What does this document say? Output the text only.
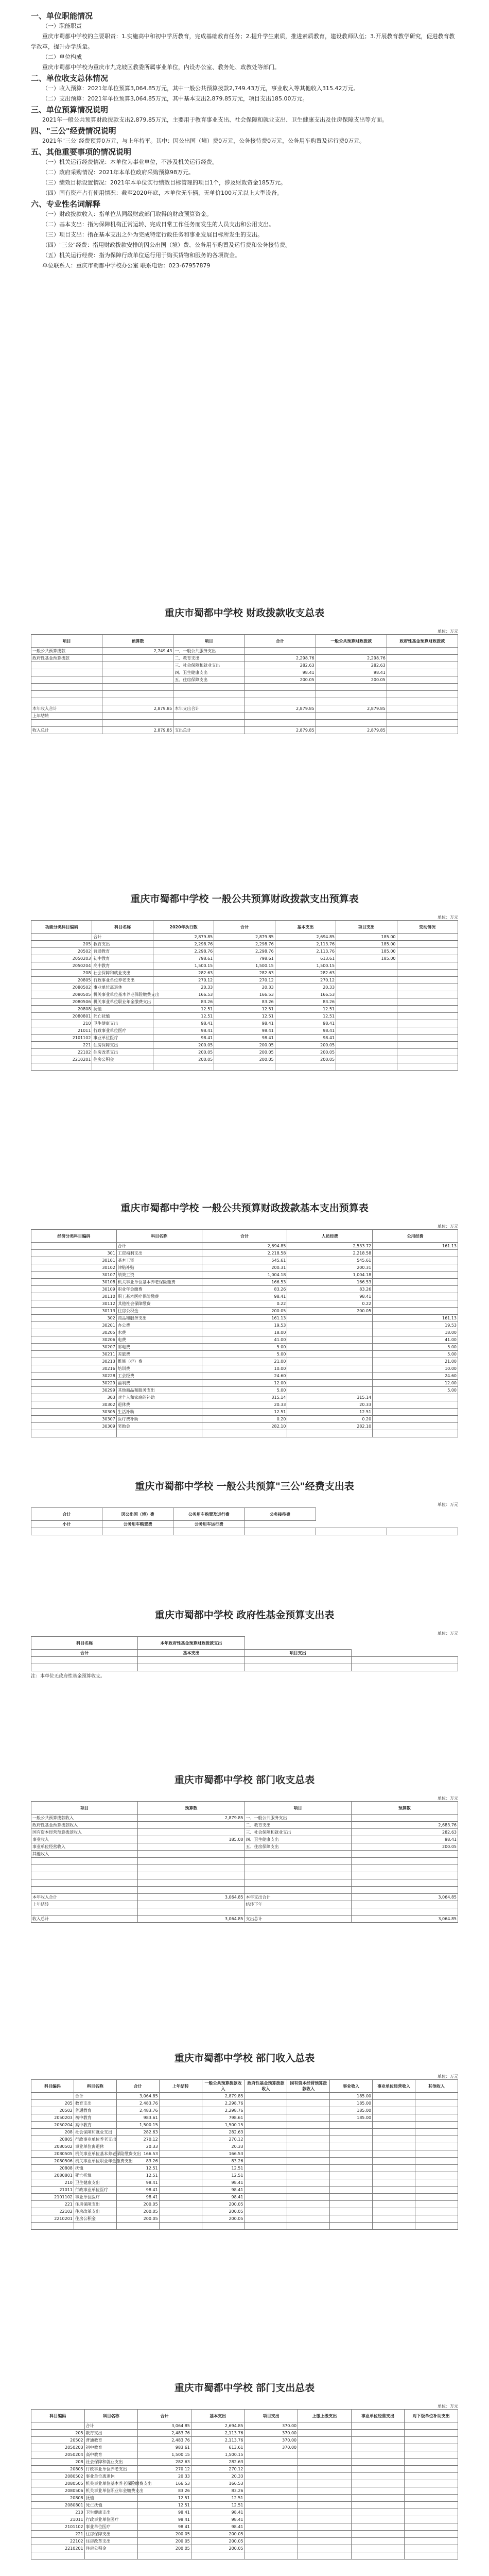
一、单位职能情况

（一）职能职责

重庆市蜀都中学校的主要职责：1.实施高中和初中学历教育，完成基础教育任务；2.提升学生素质，推进素质教育，建设教师队伍；3.开展教育教学研究，促进教育教学改革，提升办学质量。

（二）单位构成

重庆市蜀都中学校为重庆市九龙坡区教委所属事业单位，内设办公室、教务处、政教处等部门。

二、单位收支总体情况

（一）收入预算：2021年单位预算3,064.85万元，其中一般公共预算拨款2,749.43万元，事业收入等其他收入315.42万元。

（二）支出预算：2021年单位预算3,064.85万元，其中基本支出2,879.85万元，项目支出185.00万元。

三、单位预算情况说明

2021年一般公共预算财政拨款支出2,879.85万元，主要用于教育事业支出、社会保障和就业支出、卫生健康支出及住房保障支出等方面。

四、"三公"经费情况说明

2021年"三公"经费预算0万元，与上年持平。其中：因公出国（境）费0万元，公务接待费0万元，公务用车购置及运行费0万元。

五、其他重要事项的情况说明

（一）机关运行经费情况：本单位为事业单位，不涉及机关运行经费。

（二）政府采购情况：2021年本单位政府采购预算98万元。

（三）绩效目标设置情况：2021年本单位实行绩效目标管理的项目1个，涉及财政资金185万元。

（四）国有资产占有使用情况：截至2020年底，本单位无车辆，无单价100万元以上大型设备。

六、专业性名词解释

（一）财政拨款收入：指单位从同级财政部门取得的财政预算资金。

（二）基本支出：指为保障机构正常运转、完成日常工作任务而发生的人员支出和公用支出。

（三）项目支出：指在基本支出之外为完成特定行政任务和事业发展目标所发生的支出。

（四）"三公"经费：指用财政拨款安排的因公出国（境）费、公务用车购置及运行费和公务接待费。

（五）机关运行经费：指为保障行政单位运行用于购买货物和服务的各项资金。

单位联系人：重庆市蜀都中学校办公室 联系电话：023-67957879

重庆市蜀都中学校 财政拨款收支总表

单位：万元
项目	预算数	项目	合计	一般公共预算财政拨款	政府性基金预算财政拨款
一般公共预算拨款	2,749.43	一、一般公共服务支出			
政府性基金预算拨款		二、教育支出	2,298.76	2,298.76	
		三、社会保障和就业支出	282.63	282.63	
		四、卫生健康支出	98.41	98.41	
		五、住房保障支出	200.05	200.05	

本年收入合计	2,879.85	本年支出合计	2,879.85	2,879.85	
上年结转					

收入总计	2,879.85	支出总计	2,879.85	2,879.85	

重庆市蜀都中学校 一般公共预算财政拨款支出预算表

单位：万元
功能分类科目编码	科目名称	2020年执行数	合计	基本支出	项目支出	变动情况
	合计	2,879.85	2,879.85	2,694.85	185.00	
205	教育支出	2,298.76	2,298.76	2,113.76	185.00	
20502	普通教育	2,298.76	2,298.76	2,113.76	185.00	
2050203	初中教育	798.61	798.61	613.61	185.00	
2050204	高中教育	1,500.15	1,500.15	1,500.15		
208	社会保障和就业支出	282.63	282.63	282.63		
20805	行政事业单位养老支出	270.12	270.12	270.12		
2080502	事业单位离退休	20.33	20.33	20.33		
2080505	机关事业单位基本养老保险缴费支出	166.53	166.53	166.53		
2080506	机关事业单位职业年金缴费支出	83.26	83.26	83.26		
20808	抚恤	12.51	12.51	12.51		
2080801	死亡抚恤	12.51	12.51	12.51		
210	卫生健康支出	98.41	98.41	98.41		
21011	行政事业单位医疗	98.41	98.41	98.41		
2101102	事业单位医疗	98.41	98.41	98.41		
221	住房保障支出	200.05	200.05	200.05		
22102	住房改革支出	200.05	200.05	200.05		
2210201	住房公积金	200.05	200.05	200.05		

重庆市蜀都中学校 一般公共预算财政拨款基本支出预算表

单位：万元
经济分类科目编码	科目名称	合计	人员经费	公用经费
	合计	2,694.85	2,533.72	161.13
301	工资福利支出	2,218.58	2,218.58	
30101	基本工资	545.61	545.61	
30102	津贴补贴	200.31	200.31	
30107	绩效工资	1,004.18	1,004.18	
30108	机关事业单位基本养老保险缴费	166.53	166.53	
30109	职业年金缴费	83.26	83.26	
30110	职工基本医疗保险缴费	98.41	98.41	
30112	其他社会保障缴费	0.22	0.22	
30113	住房公积金	200.05	200.05	
302	商品和服务支出	161.13		161.13
30201	办公费	19.53		19.53
30205	水费	18.00		18.00
30206	电费	41.00		41.00
30207	邮电费	5.00		5.00
30211	差旅费	5.00		5.00
30213	维修（护）费	21.00		21.00
30216	培训费	10.00		10.00
30228	工会经费	24.60		24.60
30229	福利费	12.00		12.00
30299	其他商品和服务支出	5.00		5.00
303	对个人和家庭的补助	315.14	315.14	
30302	退休费	20.33	20.33	
30305	生活补助	12.51	12.51	
30307	医疗费补助	0.20	0.20	
30309	奖励金	282.10	282.10	

重庆市蜀都中学校 一般公共预算"三公"经费支出表

单位：万元
合计	因公出国（境）费	公务用车购置及运行费	公务接待费		
小计	公务用车购置费	公务用车运行费			

重庆市蜀都中学校 政府性基金预算支出表

单位：万元
科目名称	本年政府性基金预算财政拨款支出		
合计	基本支出	项目支出	

注：本单位无政府性基金预算收支。

重庆市蜀都中学校 部门收支总表

单位：万元
项目	预算数	项目	预算数
一般公共预算拨款收入	2,879.85	一、一般公共服务支出	
政府性基金预算拨款收入		二、教育支出	2,683.76
国有资本经营预算拨款收入		三、社会保障和就业支出	282.63
事业收入	185.00	四、卫生健康支出	98.41
事业单位经营收入		五、住房保障支出	200.05
其他收入			

本年收入合计	3,064.85	本年支出合计	3,064.85
上年结转		结转下年	

收入总计	3,064.85	支出总计	3,064.85

重庆市蜀都中学校 部门收入总表

单位：万元
科目编码	科目名称	合计	上年结转	一般公共预算拨款收入	政府性基金预算拨款收入	国有资本经营预算拨款收入	事业收入	事业单位经营收入	其他收入
	合计	3,064.85		2,879.85			185.00		
205	教育支出	2,483.76		2,298.76			185.00		
20502	普通教育	2,483.76		2,298.76			185.00		
2050203	初中教育	983.61		798.61			185.00		
2050204	高中教育	1,500.15		1,500.15					
208	社会保障和就业支出	282.63		282.63					
20805	行政事业单位养老支出	270.12		270.12					
2080502	事业单位离退休	20.33		20.33					
2080505	机关事业单位基本养老保险缴费支出	166.53		166.53					
2080506	机关事业单位职业年金缴费支出	83.26		83.26					
20808	抚恤	12.51		12.51					
2080801	死亡抚恤	12.51		12.51					
210	卫生健康支出	98.41		98.41					
21011	行政事业单位医疗	98.41		98.41					
2101102	事业单位医疗	98.41		98.41					
221	住房保障支出	200.05		200.05					
22102	住房改革支出	200.05		200.05					
2210201	住房公积金	200.05		200.05					

重庆市蜀都中学校 部门支出总表

单位：万元
科目编码	科目名称	合计	基本支出	项目支出	上缴上级支出	事业单位经营支出	对下级单位补助支出
	合计	3,064.85	2,694.85	370.00			
205	教育支出	2,483.76	2,113.76	370.00			
20502	普通教育	2,483.76	2,113.76	370.00			
2050203	初中教育	983.61	613.61	370.00			
2050204	高中教育	1,500.15	1,500.15				
208	社会保障和就业支出	282.63	282.63				
20805	行政事业单位养老支出	270.12	270.12				
2080502	事业单位离退休	20.33	20.33				
2080505	机关事业单位基本养老保险缴费支出	166.53	166.53				
2080506	机关事业单位职业年金缴费支出	83.26	83.26				
20808	抚恤	12.51	12.51				
2080801	死亡抚恤	12.51	12.51				
210	卫生健康支出	98.41	98.41				
21011	行政事业单位医疗	98.41	98.41				
2101102	事业单位医疗	98.41	98.41				
221	住房保障支出	200.05	200.05				
22102	住房改革支出	200.05	200.05				
2210201	住房公积金	200.05	200.05				
